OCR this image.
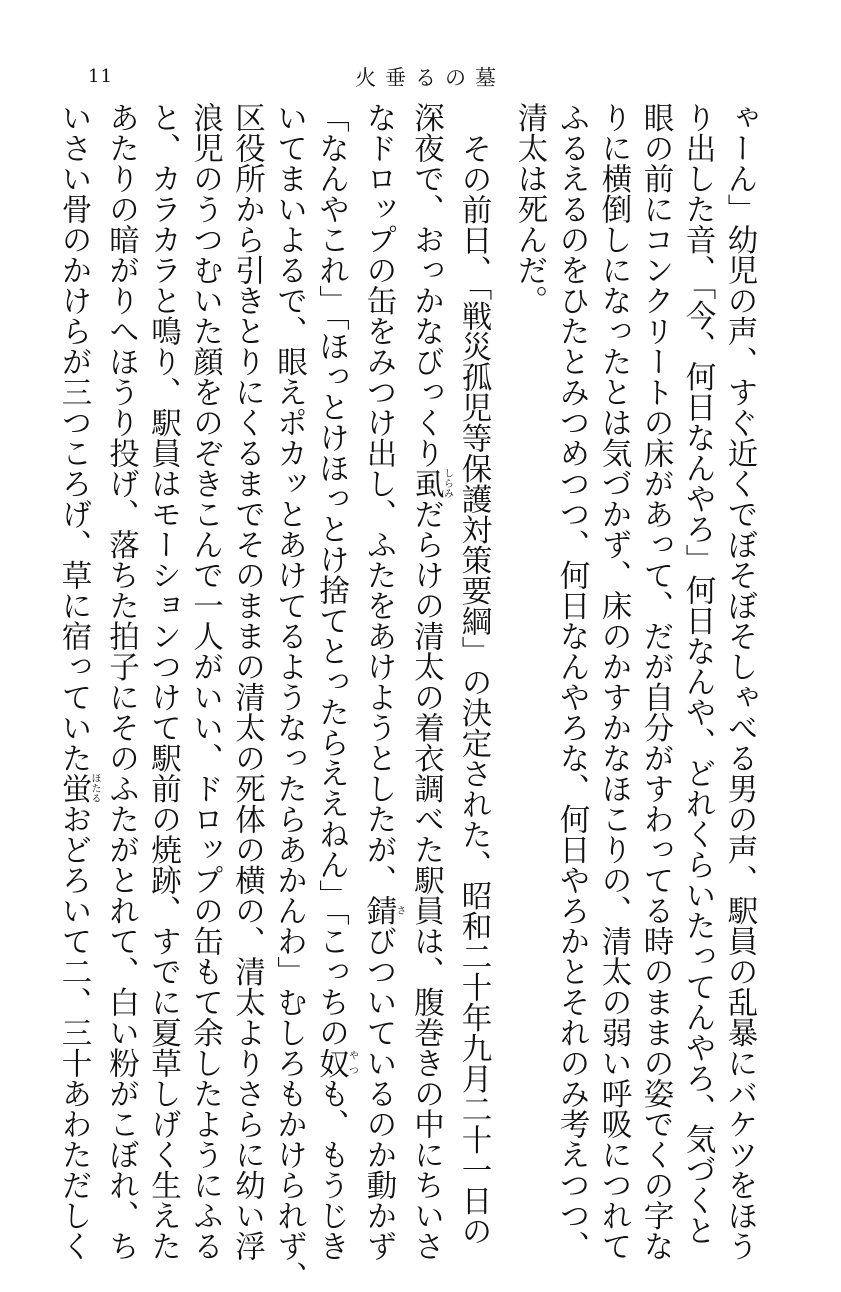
11	火垂るの墓
ゃーん」幼児の声、すぐ近くでぼそぼそしゃべる男の声、駅員の乱暴にバケツをほう
り出した音、「今、何日なんやろ」何日なんや、どれくらいたってんやろ、気づくと
眼の前にコンクリートの床があって、だが自分がすわってる時のままの姿でくの字な
りに横倒しになったとは気づかず、床のかすかなほこりの、清太の弱い呼吸につれて
ふるえるのをひたとみつめつつ、何日なんやろな、何日やろかとそれのみ考えつつ、
清太は死んだ。
その前日、「戦災孤児等保護対策要綱」の決定された、昭和二十年九月二十一日の
深夜で、おっかなびっくり虱しらみだらけの清太の着衣調べた駅員は、腹巻きの中にちいさ
なドロップの缶をみつけ出し、ふたをあけようとしたが、錆さびついているのか動かず
「なんやこれ」「ほっとけほっとけ捨てとったらええねん」「こっちの奴やつも、もうじき
いてまいよるで、眼えポカッとあけてるようなったらあかんわ」むしろもかけられず、
区役所から引きとりにくるまでそのままの清太の死体の横の、清太よりさらに幼い浮
浪児のうつむいた顔をのぞきこんで一人がいい、ドロップの缶もて余したようにふる
と、カラカラと鳴り、駅員はモーションつけて駅前の焼跡、すでに夏草しげく生えた
あたりの暗がりへほうり投げ、落ちた拍子にそのふたがとれて、白い粉がこぼれ、ち
いさい骨のかけらが三つころげ、草に宿っていた蛍ほたるおどろいて二、三十あわただしく
